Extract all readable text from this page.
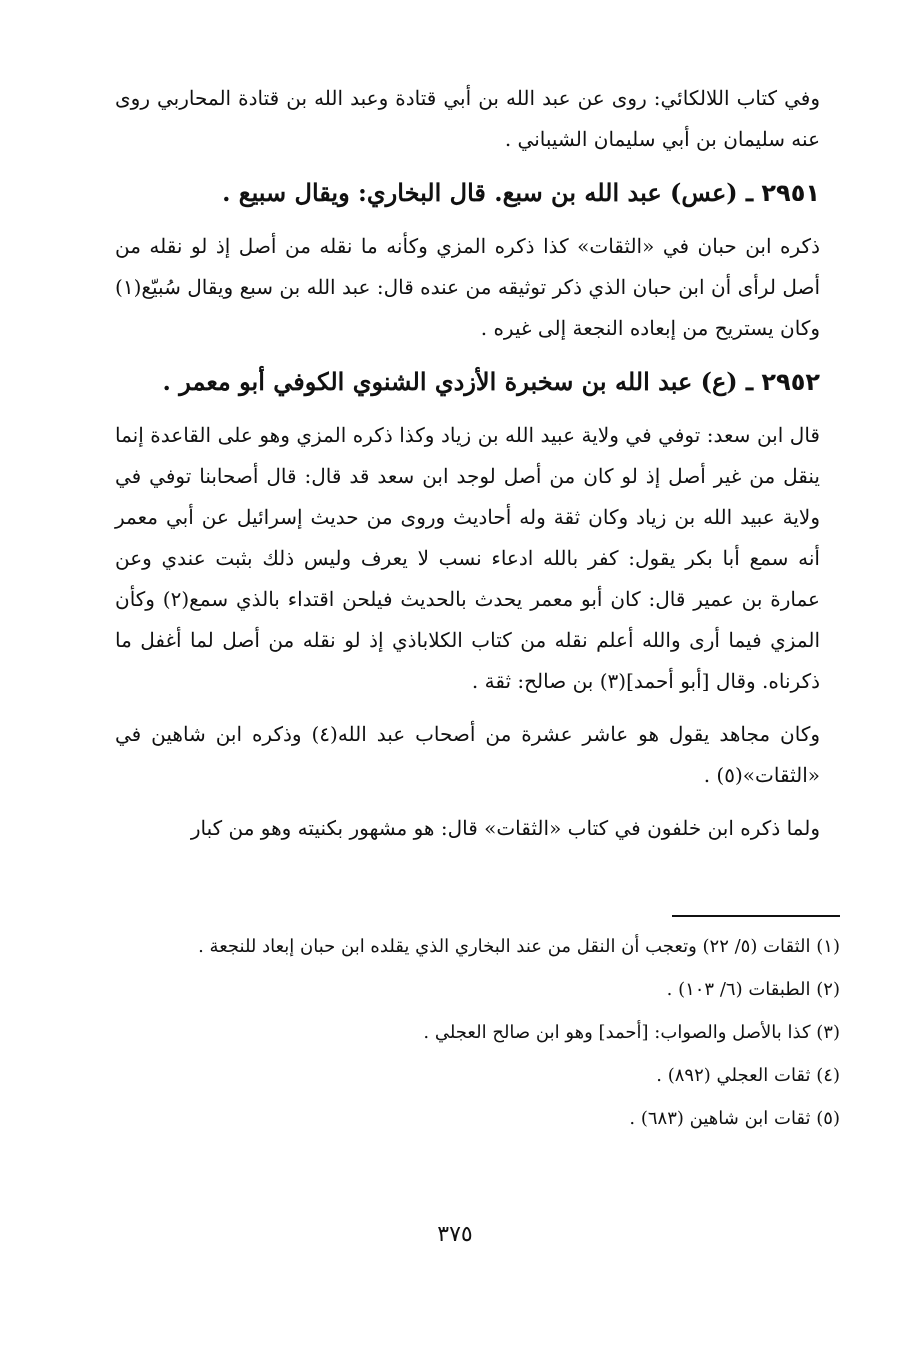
وفي كتاب اللالكائي: روى عن عبد الله بن أبي قتادة وعبد الله بن قتادة المحاربي روى عنه سليمان بن أبي سليمان الشيباني .

٢٩٥١ ـ (عس) عبد الله بن سبع. قال البخاري: ويقال سبيع .

ذكره ابن حبان في «الثقات» كذا ذكره المزي وكأنه ما نقله من أصل إذ لو نقله من أصل لرأى أن ابن حبان الذي ذكر توثيقه من عنده قال: عبد الله بن سبع ويقال سُبيّع(١) وكان يستريح من إبعاده النجعة إلى غيره .

٢٩٥٢ ـ (ع) عبد الله بن سخبرة الأزدي الشنوي الكوفي أبو معمر .

قال ابن سعد: توفي في ولاية عبيد الله بن زياد وكذا ذكره المزي وهو على القاعدة إنما ينقل من غير أصل إذ لو كان من أصل لوجد ابن سعد قد قال: قال أصحابنا توفي في ولاية عبيد الله بن زياد وكان ثقة وله أحاديث وروى من حديث إسرائيل عن أبي معمر أنه سمع أبا بكر يقول: كفر بالله ادعاء نسب لا يعرف وليس ذلك بثبت عندي وعن عمارة بن عمير قال: كان أبو معمر يحدث بالحديث فيلحن اقتداء بالذي سمع(٢) وكأن المزي فيما أرى والله أعلم نقله من كتاب الكلاباذي إذ لو نقله من أصل لما أغفل ما ذكرناه. وقال [أبو أحمد](٣) بن صالح: ثقة .

وكان مجاهد يقول هو عاشر عشرة من أصحاب عبد الله(٤) وذكره ابن شاهين في «الثقات»(٥) .

ولما ذكره ابن خلفون في كتاب «الثقات» قال: هو مشهور بكنيته وهو من كبار

(١) الثقات (٥/ ٢٢) وتعجب أن النقل من عند البخاري الذي يقلده ابن حبان إبعاد للنجعة .

(٢) الطبقات (٦/ ١٠٣) .

(٣) كذا بالأصل والصواب: [أحمد] وهو ابن صالح العجلي .

(٤) ثقات العجلي (٨٩٢) .

(٥) ثقات ابن شاهين (٦٨٣) .

٣٧٥
